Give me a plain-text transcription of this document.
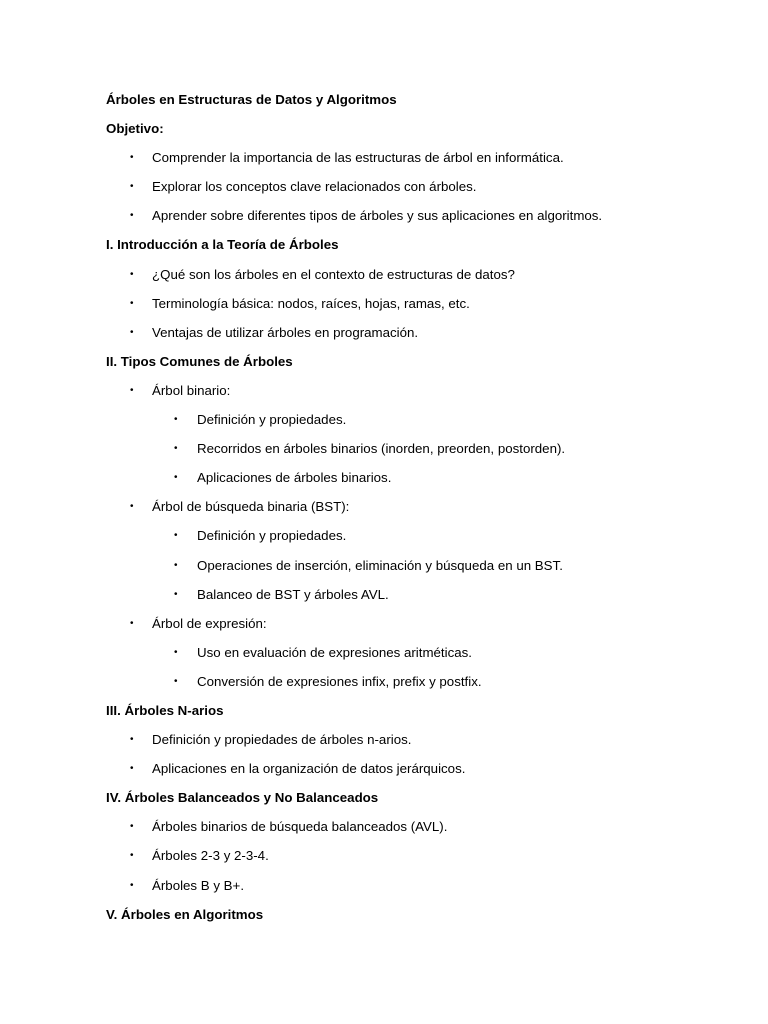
Árboles en Estructuras de Datos y Algoritmos
Objetivo:
• Comprender la importancia de las estructuras de árbol en informática.
• Explorar los conceptos clave relacionados con árboles.
• Aprender sobre diferentes tipos de árboles y sus aplicaciones en algoritmos.
I. Introducción a la Teoría de Árboles
• ¿Qué son los árboles en el contexto de estructuras de datos?
• Terminología básica: nodos, raíces, hojas, ramas, etc.
• Ventajas de utilizar árboles en programación.
II. Tipos Comunes de Árboles
• Árbol binario:
• Definición y propiedades.
• Recorridos en árboles binarios (inorden, preorden, postorden).
• Aplicaciones de árboles binarios.
• Árbol de búsqueda binaria (BST):
• Definición y propiedades.
• Operaciones de inserción, eliminación y búsqueda en un BST.
• Balanceo de BST y árboles AVL.
• Árbol de expresión:
• Uso en evaluación de expresiones aritméticas.
• Conversión de expresiones infix, prefix y postfix.
III. Árboles N-arios
• Definición y propiedades de árboles n-arios.
• Aplicaciones en la organización de datos jerárquicos.
IV. Árboles Balanceados y No Balanceados
• Árboles binarios de búsqueda balanceados (AVL).
• Árboles 2-3 y 2-3-4.
• Árboles B y B+.
V. Árboles en Algoritmos
